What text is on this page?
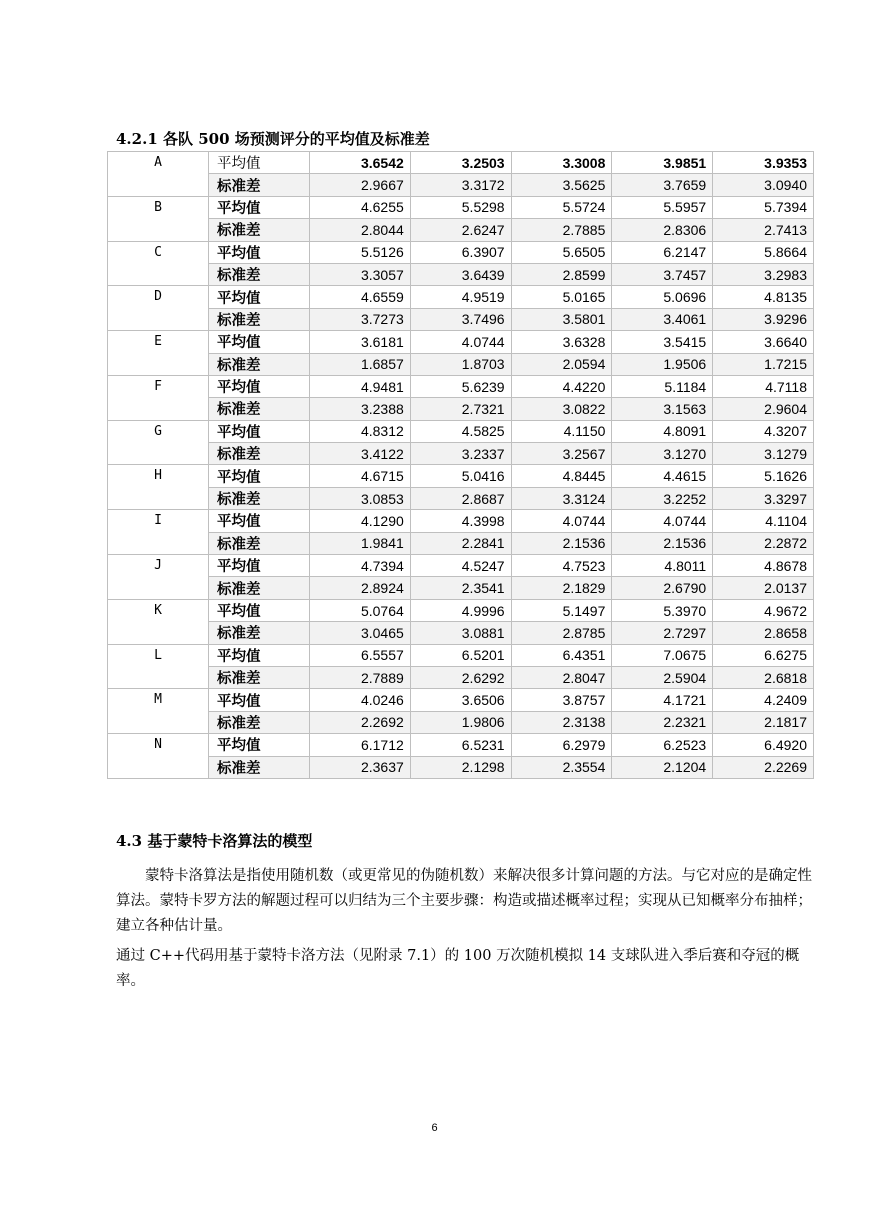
4.2.1 各队 500 场预测评分的平均值及标准差
A	平均值	3.6542	3.2503	3.3008	3.9851	3.9353
	标准差	2.9667	3.3172	3.5625	3.7659	3.0940
B	平均值	4.6255	5.5298	5.5724	5.5957	5.7394
	标准差	2.8044	2.6247	2.7885	2.8306	2.7413
C	平均值	5.5126	6.3907	5.6505	6.2147	5.8664
	标准差	3.3057	3.6439	2.8599	3.7457	3.2983
D	平均值	4.6559	4.9519	5.0165	5.0696	4.8135
	标准差	3.7273	3.7496	3.5801	3.4061	3.9296
E	平均值	3.6181	4.0744	3.6328	3.5415	3.6640
	标准差	1.6857	1.8703	2.0594	1.9506	1.7215
F	平均值	4.9481	5.6239	4.4220	5.1184	4.7118
	标准差	3.2388	2.7321	3.0822	3.1563	2.9604
G	平均值	4.8312	4.5825	4.1150	4.8091	4.3207
	标准差	3.4122	3.2337	3.2567	3.1270	3.1279
H	平均值	4.6715	5.0416	4.8445	4.4615	5.1626
	标准差	3.0853	2.8687	3.3124	3.2252	3.3297
I	平均值	4.1290	4.3998	4.0744	4.0744	4.1104
	标准差	1.9841	2.2841	2.1536	2.1536	2.2872
J	平均值	4.7394	4.5247	4.7523	4.8011	4.8678
	标准差	2.8924	2.3541	2.1829	2.6790	2.0137
K	平均值	5.0764	4.9996	5.1497	5.3970	4.9672
	标准差	3.0465	3.0881	2.8785	2.7297	2.8658
L	平均值	6.5557	6.5201	6.4351	7.0675	6.6275
	标准差	2.7889	2.6292	2.8047	2.5904	2.6818
M	平均值	4.0246	3.6506	3.8757	4.1721	4.2409
	标准差	2.2692	1.9806	2.3138	2.2321	2.1817
N	平均值	6.1712	6.5231	6.2979	6.2523	6.4920
	标准差	2.3637	2.1298	2.3554	2.1204	2.2269
4.3 基于蒙特卡洛算法的模型

蒙特卡洛算法是指使用随机数（或更常见的伪随机数）来解决很多计算问题的方法。与它对应的是确定性算法。蒙特卡罗方法的解题过程可以归结为三个主要步骤：构造或描述概率过程；实现从已知概率分布抽样；建立各种估计量。

通过 C++代码用基于蒙特卡洛方法（见附录 7.1）的 100 万次随机模拟 14 支球队进入季后赛和夺冠的概率。

6
